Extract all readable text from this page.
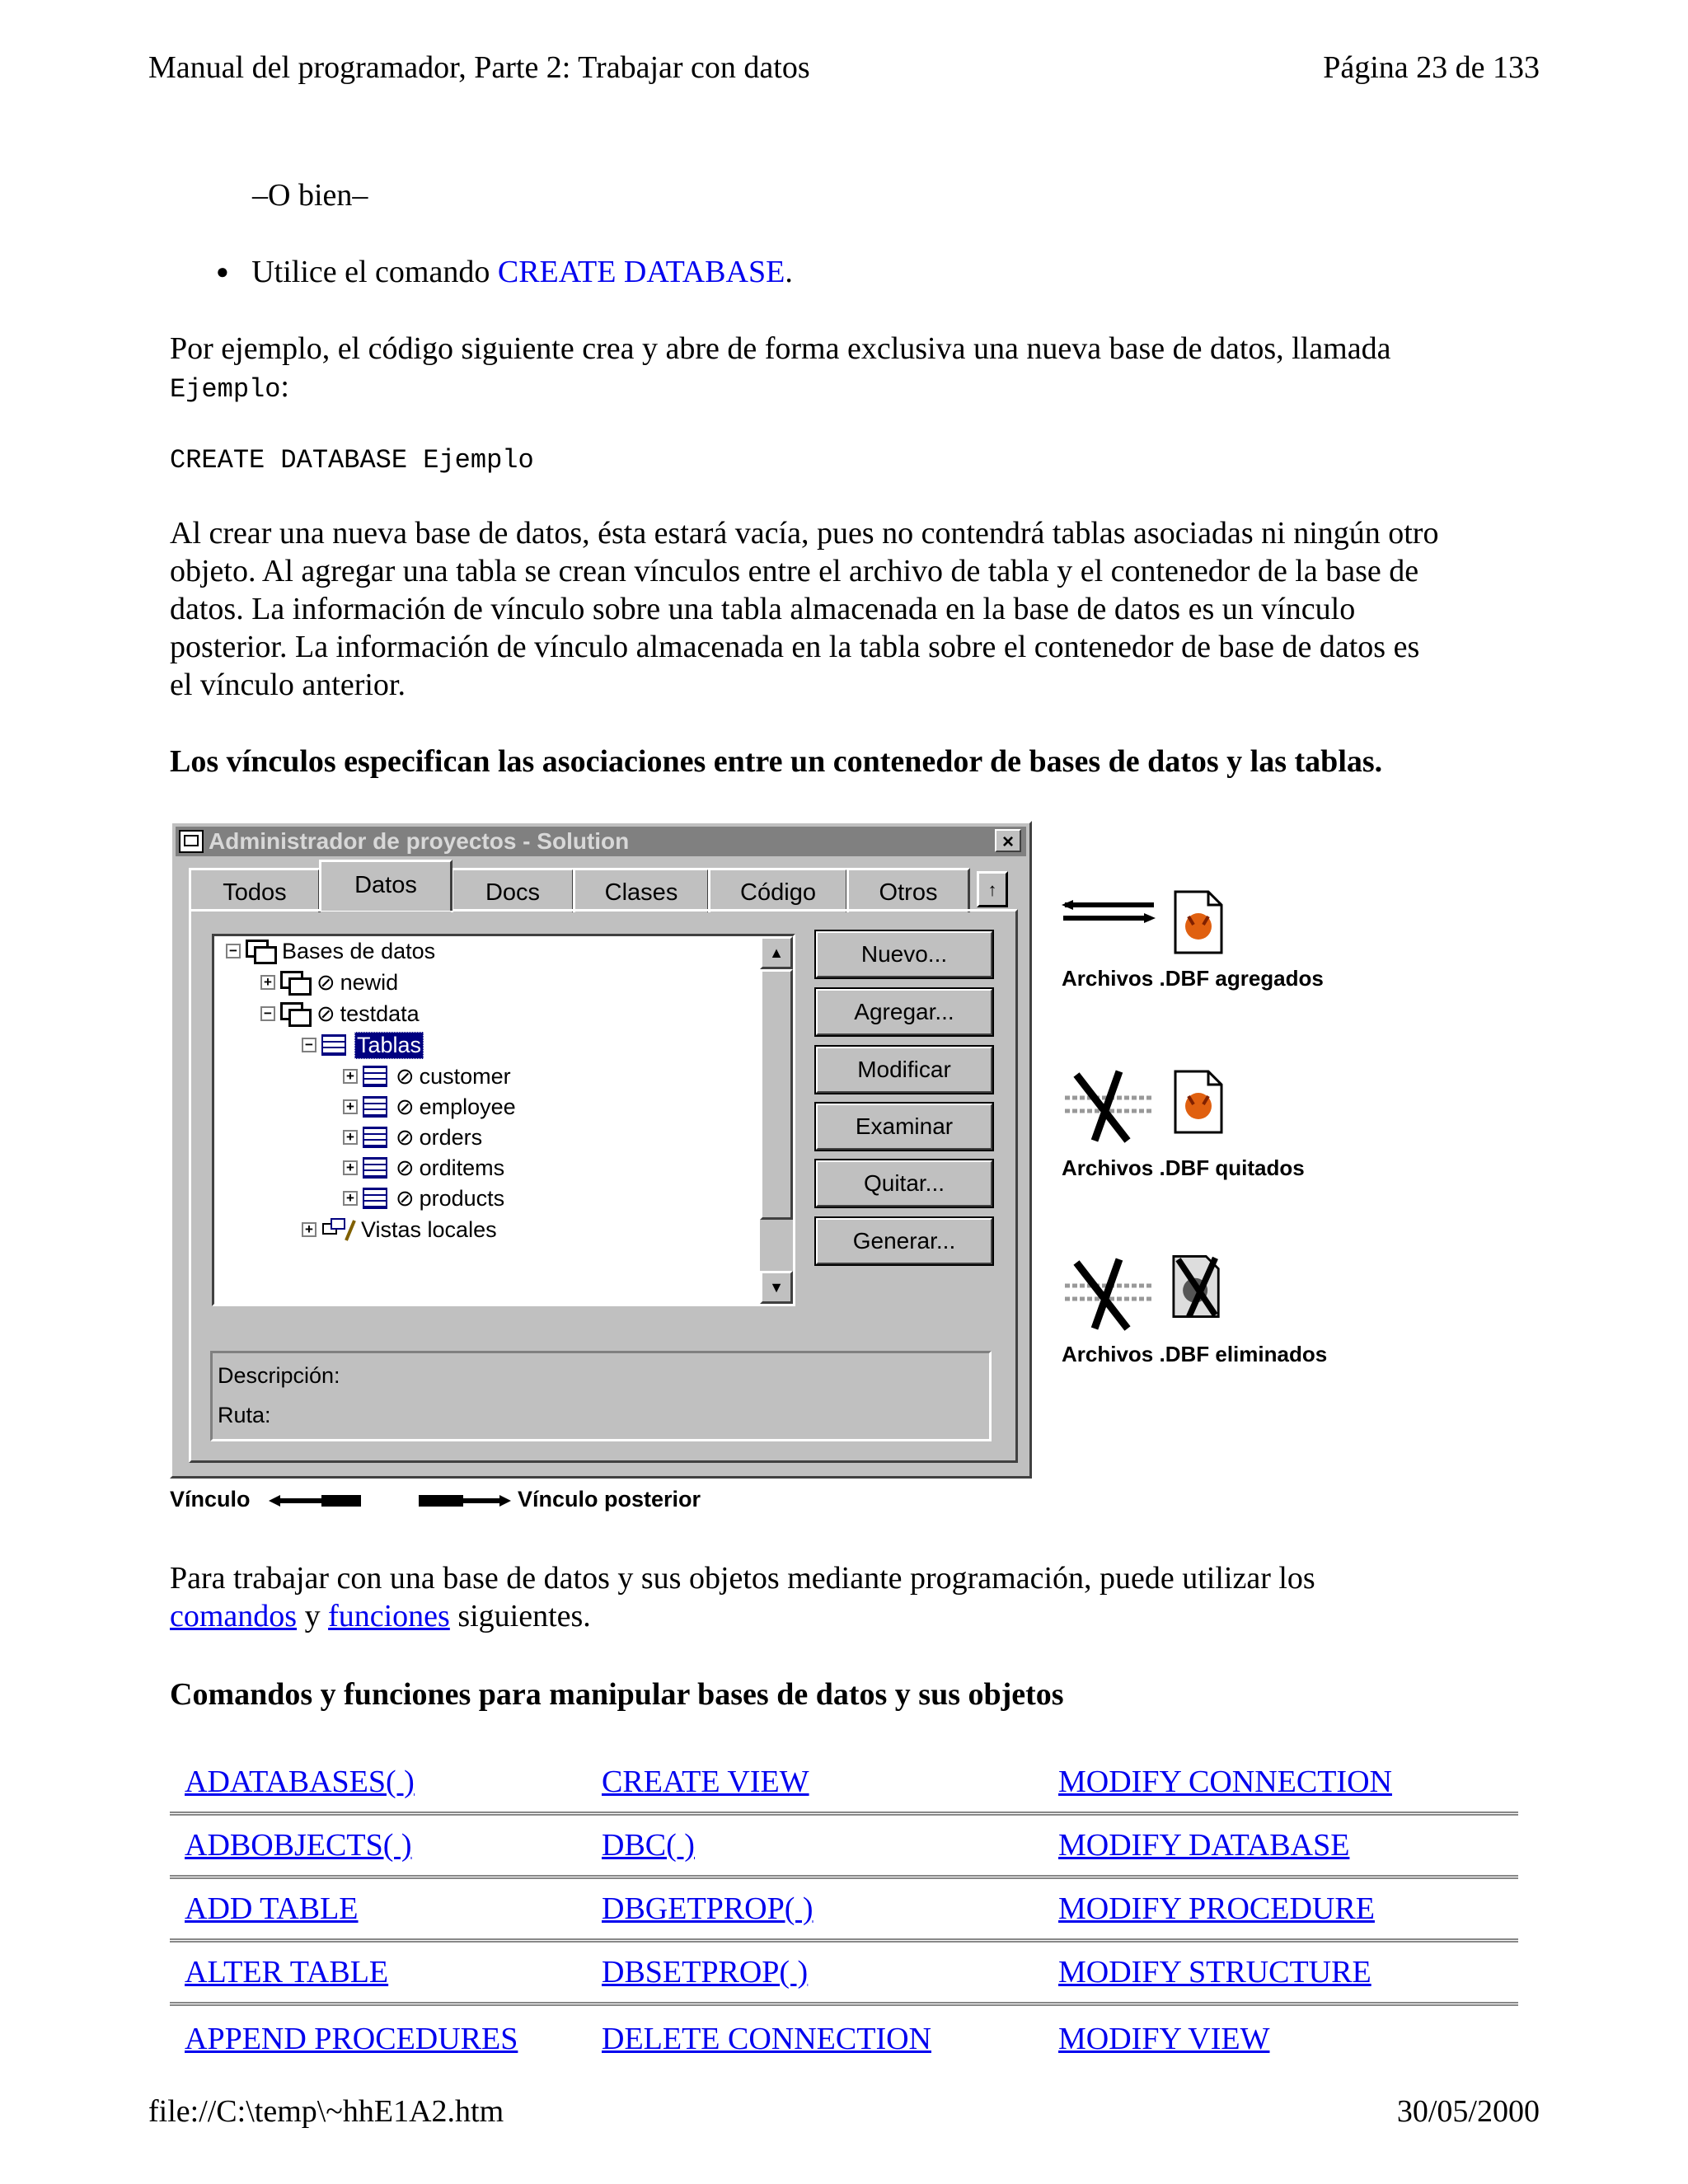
Manual del programador, Parte 2: Trabajar con datos	Página 23 de 133
–O bien–
● Utilice el comando CREATE DATABASE.
Por ejemplo, el código siguiente crea y abre de forma exclusiva una nueva base de datos, llamada
Ejemplo:
CREATE DATABASE Ejemplo
Al crear una nueva base de datos, ésta estará vacía, pues no contendrá tablas asociadas ni ningún otro
objeto. Al agregar una tabla se crean vínculos entre el archivo de tabla y el contenedor de la base de
datos. La información de vínculo sobre una tabla almacenada en la base de datos es un vínculo
posterior. La información de vínculo almacenada en la tabla sobre el contenedor de base de datos es
el vínculo anterior.
Los vínculos especifican las asociaciones entre un contenedor de bases de datos y las tablas.
Administrador de proyectos - Solution	×
Todos	Datos	Docs	Clases	Código	Otros	↑
− Bases de datos
+ ⊘ newid
− ⊘ testdata
− Tablas
+ ⊘ customer
+ ⊘ employee
+ ⊘ orders
+ ⊘ orditems
+ ⊘ products
+ Vistas locales
▲
▼
Nuevo...
Agregar...
Modificar
Examinar
Quitar...
Generar...
Descripción:
Ruta:
Archivos .DBF agregados
Archivos .DBF quitados
Archivos .DBF eliminados
Vínculo	Vínculo posterior
Para trabajar con una base de datos y sus objetos mediante programación, puede utilizar los
comandos y funciones siguientes.
Comandos y funciones para manipular bases de datos y sus objetos
ADATABASES( )	CREATE VIEW	MODIFY CONNECTION
ADBOBJECTS( )	DBC( )	MODIFY DATABASE
ADD TABLE	DBGETPROP( )	MODIFY PROCEDURE
ALTER TABLE	DBSETPROP( )	MODIFY STRUCTURE
APPEND PROCEDURES	DELETE CONNECTION	MODIFY VIEW
file://C:\temp\~hhE1A2.htm	30/05/2000
